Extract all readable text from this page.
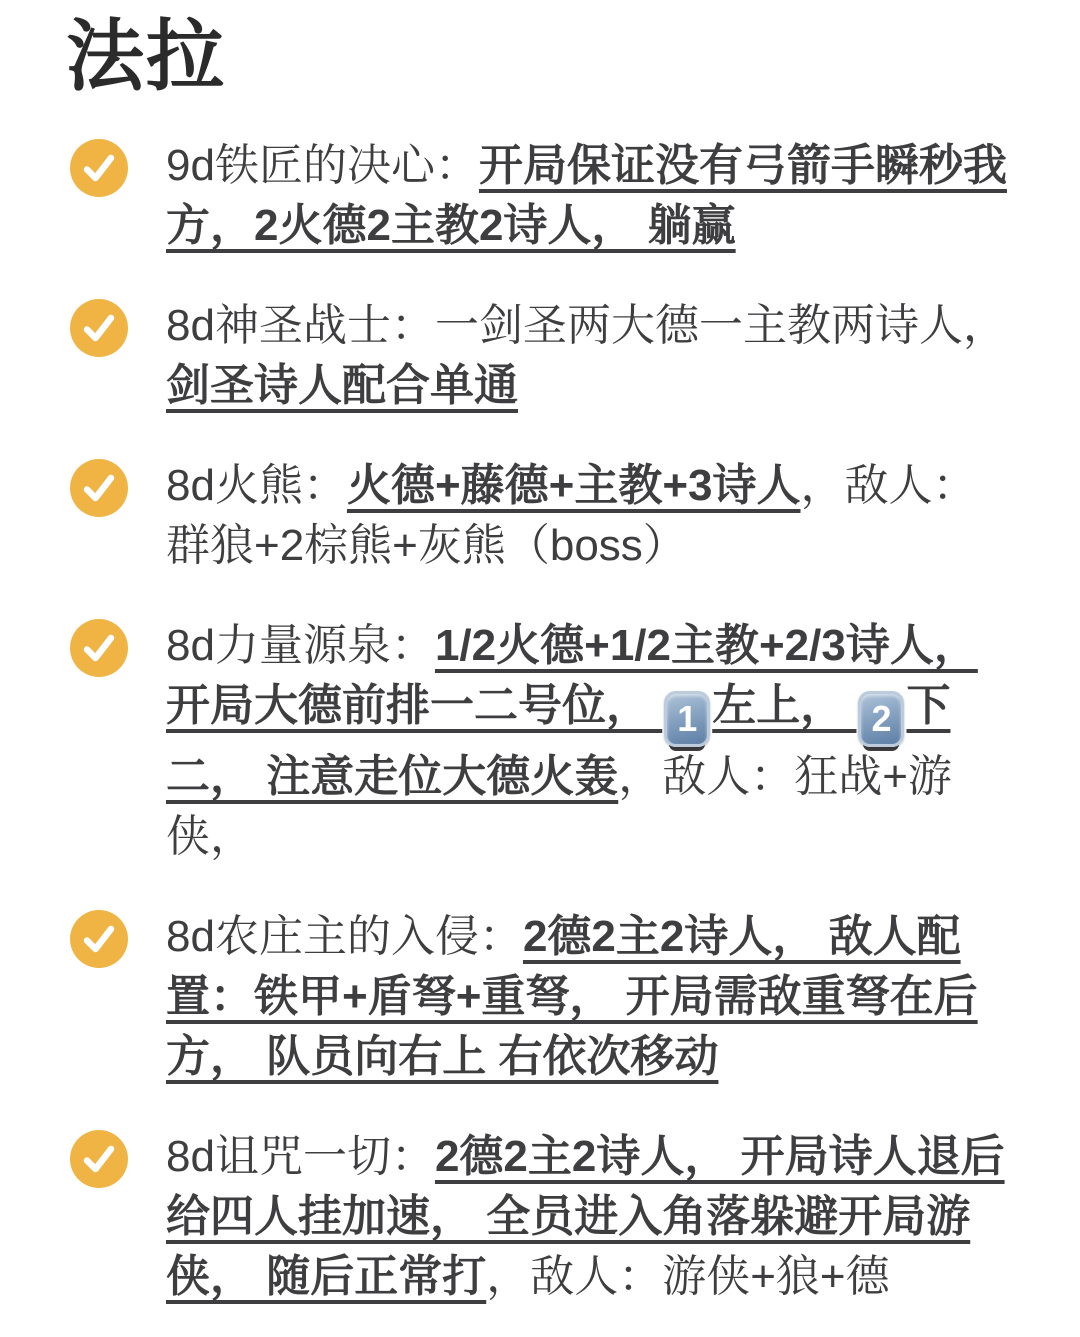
法拉
9d铁匠的决心：开局保证没有弓箭手瞬秒我方，2火德2主教2诗人， 躺赢
8d神圣战士：一剑圣两大德一主教两诗人，剑圣诗人配合单通
8d火熊：火德+藤德+主教+3诗人，敌人：群狼+2棕熊+灰熊（boss）
8d力量源泉：1/2火德+1/2主教+2/3诗人， 开局大德前排一二号位， 1 左上， 2 下二， 注意走位大德火轰，敌人：狂战+游侠，
8d农庄主的入侵：2德2主2诗人， 敌人配置：铁甲+盾弩+重弩， 开局需敌重弩在后方， 队员向右上 右依次移动
8d诅咒一切：2德2主2诗人， 开局诗人退后给四人挂加速， 全员进入角落躲避开局游侠， 随后正常打，敌人：游侠+狼+德
